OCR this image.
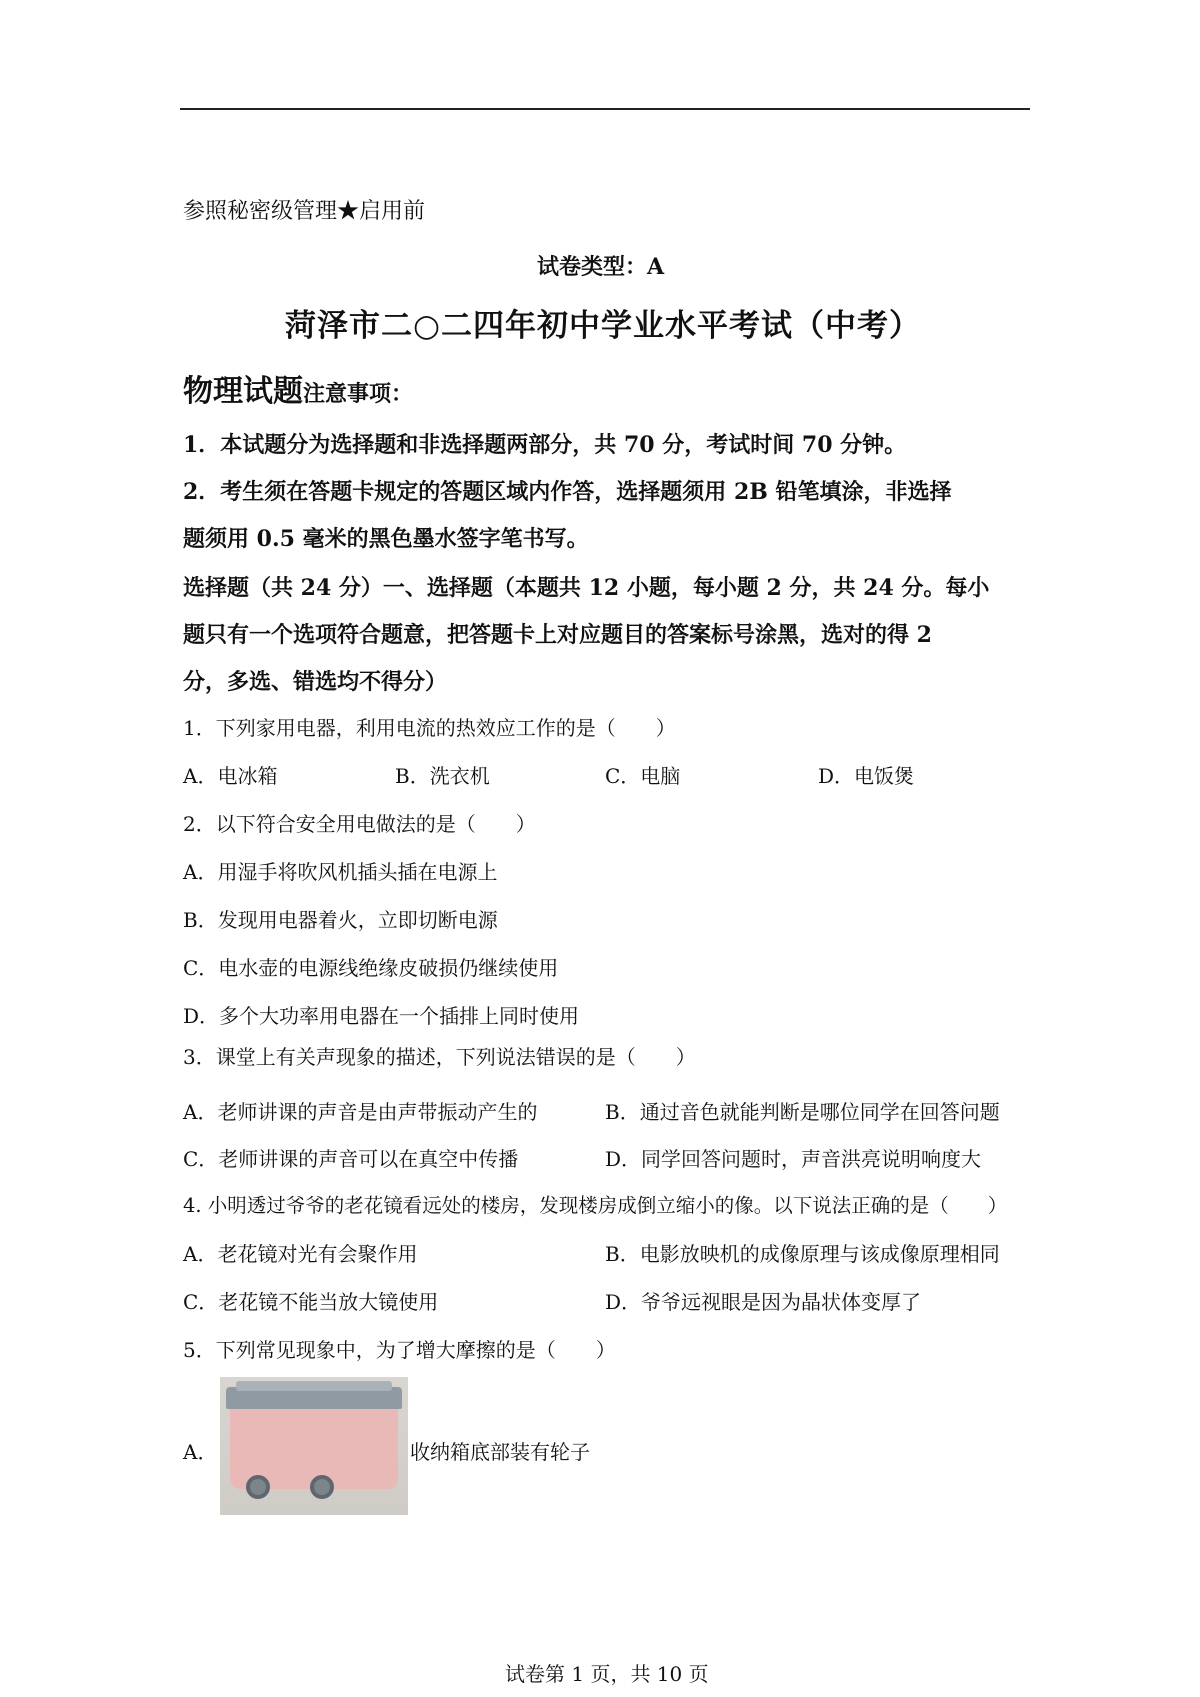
参照秘密级管理★启用前
试卷类型：A
菏泽市二○二四年初中学业水平考试（中考）
物理试题注意事项：
1．本试题分为选择题和非选择题两部分，共 70 分，考试时间 70 分钟。
2．考生须在答题卡规定的答题区域内作答，选择题须用 2B 铅笔填涂，非选择
题须用 0.5 毫米的黑色墨水签字笔书写。
选择题（共 24 分）一、选择题（本题共 12 小题，每小题 2 分，共 24 分。每小
题只有一个选项符合题意，把答题卡上对应题目的答案标号涂黑，选对的得 2
分，多选、错选均不得分）
1．下列家用电器，利用电流的热效应工作的是（　　）
A．电冰箱	B．洗衣机	C．电脑	D．电饭煲
2．以下符合安全用电做法的是（　　）
A．用湿手将吹风机插头插在电源上
B．发现用电器着火，立即切断电源
C．电水壶的电源线绝缘皮破损仍继续使用
D．多个大功率用电器在一个插排上同时使用
3．课堂上有关声现象的描述，下列说法错误的是（　　）
A．老师讲课的声音是由声带振动产生的	B．通过音色就能判断是哪位同学在回答问题
C．老师讲课的声音可以在真空中传播	D．同学回答问题时，声音洪亮说明响度大
4. 小明透过爷爷的老花镜看远处的楼房，发现楼房成倒立缩小的像。以下说法正确的是（　　）
A．老花镜对光有会聚作用	B．电影放映机的成像原理与该成像原理相同
C．老花镜不能当放大镜使用	D．爷爷远视眼是因为晶状体变厚了
5．下列常见现象中，为了增大摩擦的是（　　）
A．	收纳箱底部装有轮子
试卷第 1 页，共 10 页
